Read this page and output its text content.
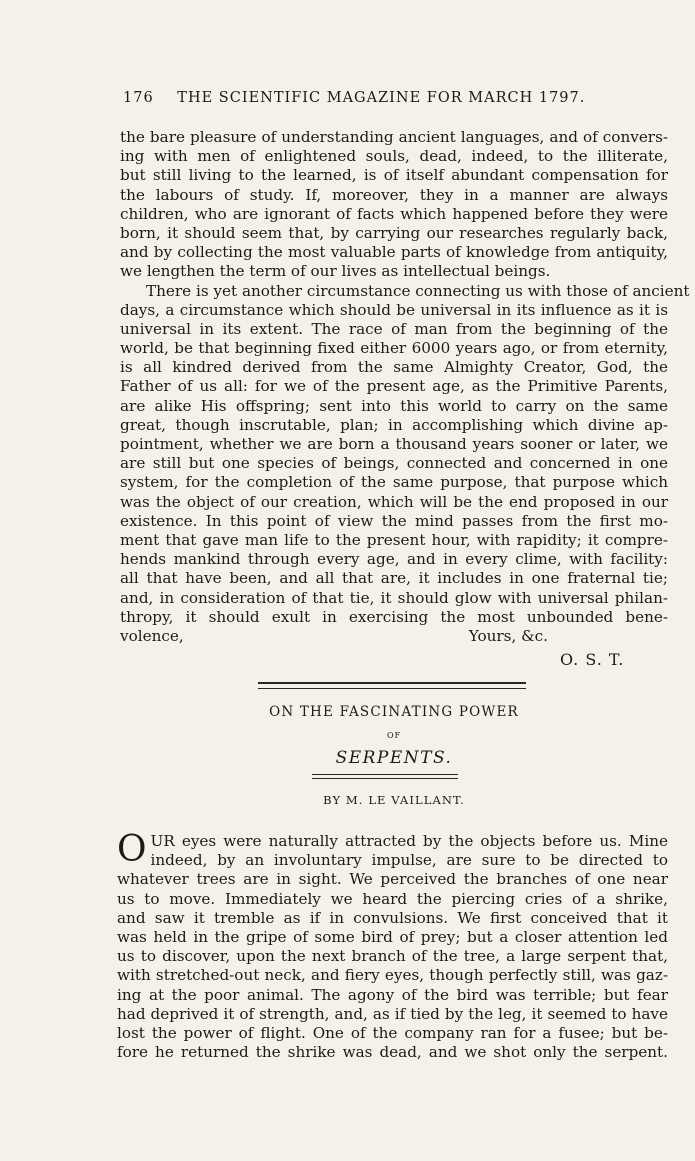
176 THE SCIENTIFIC MAGAZINE FOR MARCH 1797.
the bare pleasure of understanding ancient languages, and of convers-
ing with men of enlightened souls, dead, indeed, to the illiterate,
but still living to the learned, is of itself abundant compensation for
the labours of study. If, moreover, they in a manner are always
children, who are ignorant of facts which happened before they were
born, it should seem that, by carrying our researches regularly back,
and by collecting the most valuable parts of knowledge from antiquity,
we lengthen the term of our lives as intellectual beings.
There is yet another circumstance connecting us with those of ancient
days, a circumstance which should be universal in its influence as it is
universal in its extent. The race of man from the beginning of the
world, be that beginning fixed either 6000 years ago, or from eternity,
is all kindred derived from the same Almighty Creator, God, the
Father of us all: for we of the present age, as the Primitive Parents,
are alike His offspring; sent into this world to carry on the same
great, though inscrutable, plan; in accomplishing which divine ap-
pointment, whether we are born a thousand years sooner or later, we
are still but one species of beings, connected and concerned in one
system, for the completion of the same purpose, that purpose which
was the object of our creation, which will be the end proposed in our
existence. In this point of view the mind passes from the first mo-
ment that gave man life to the present hour, with rapidity; it compre-
hends mankind through every age, and in every clime, with facility:
all that have been, and all that are, it includes in one fraternal tie;
and, in consideration of that tie, it should glow with universal philan-
thropy, it should exult in exercising the most unbounded bene-
volence,	Yours, &c.
O. S. T.
ON THE FASCINATING POWER
OF
SERPENTS.
BY M. LE VAILLANT.
O UR eyes were naturally attracted by the objects before us. Mine
indeed, by an involuntary impulse, are sure to be directed to
whatever trees are in sight. We perceived the branches of one near
us to move. Immediately we heard the piercing cries of a shrike,
and saw it tremble as if in convulsions. We first conceived that it
was held in the gripe of some bird of prey; but a closer attention led
us to discover, upon the next branch of the tree, a large serpent that,
with stretched-out neck, and fiery eyes, though perfectly still, was gaz-
ing at the poor animal. The agony of the bird was terrible; but fear
had deprived it of strength, and, as if tied by the leg, it seemed to have
lost the power of flight. One of the company ran for a fusee; but be-
fore he returned the shrike was dead, and we shot only the serpent.
